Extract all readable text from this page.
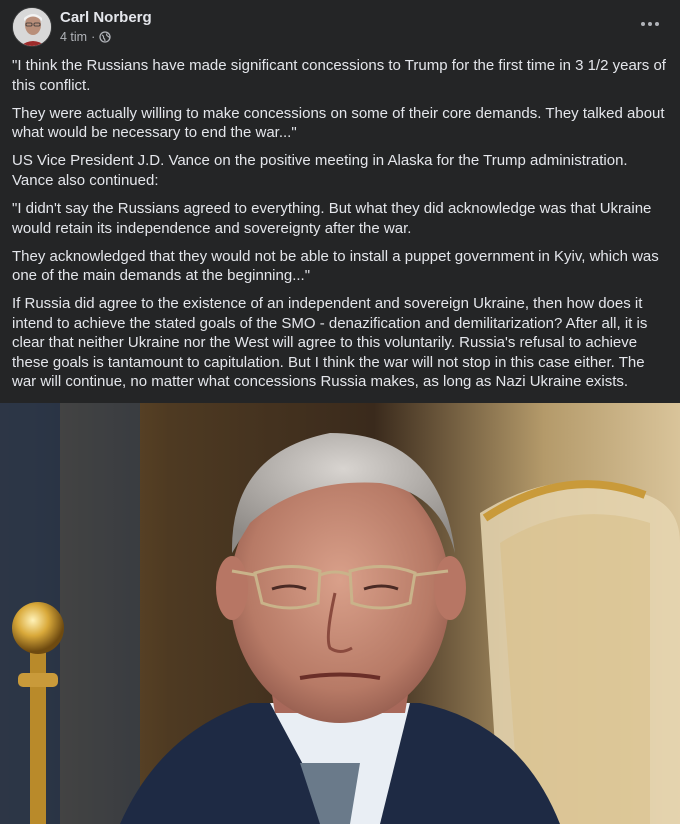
Carl Norberg
4 tim ·

"I think the Russians have made significant concessions to Trump for the first time in 3 1/2 years of this conflict.

They were actually willing to make concessions on some of their core demands. They talked about what would be necessary to end the war..."

US Vice President J.D. Vance on the positive meeting in Alaska for the Trump administration. Vance also continued:

"I didn't say the Russians agreed to everything. But what they did acknowledge was that Ukraine would retain its independence and sovereignty after the war.

They acknowledged that they would not be able to install a puppet government in Kyiv, which was one of the main demands at the beginning..."

If Russia did agree to the existence of an independent and sovereign Ukraine, then how does it intend to achieve the stated goals of the SMO - denazification and demilitarization? After all, it is clear that neither Ukraine nor the West will agree to this voluntarily. Russia's refusal to achieve these goals is tantamount to capitulation. But I think the war will not stop in this case either. The war will continue, no matter what concessions Russia makes, as long as Nazi Ukraine exists.
